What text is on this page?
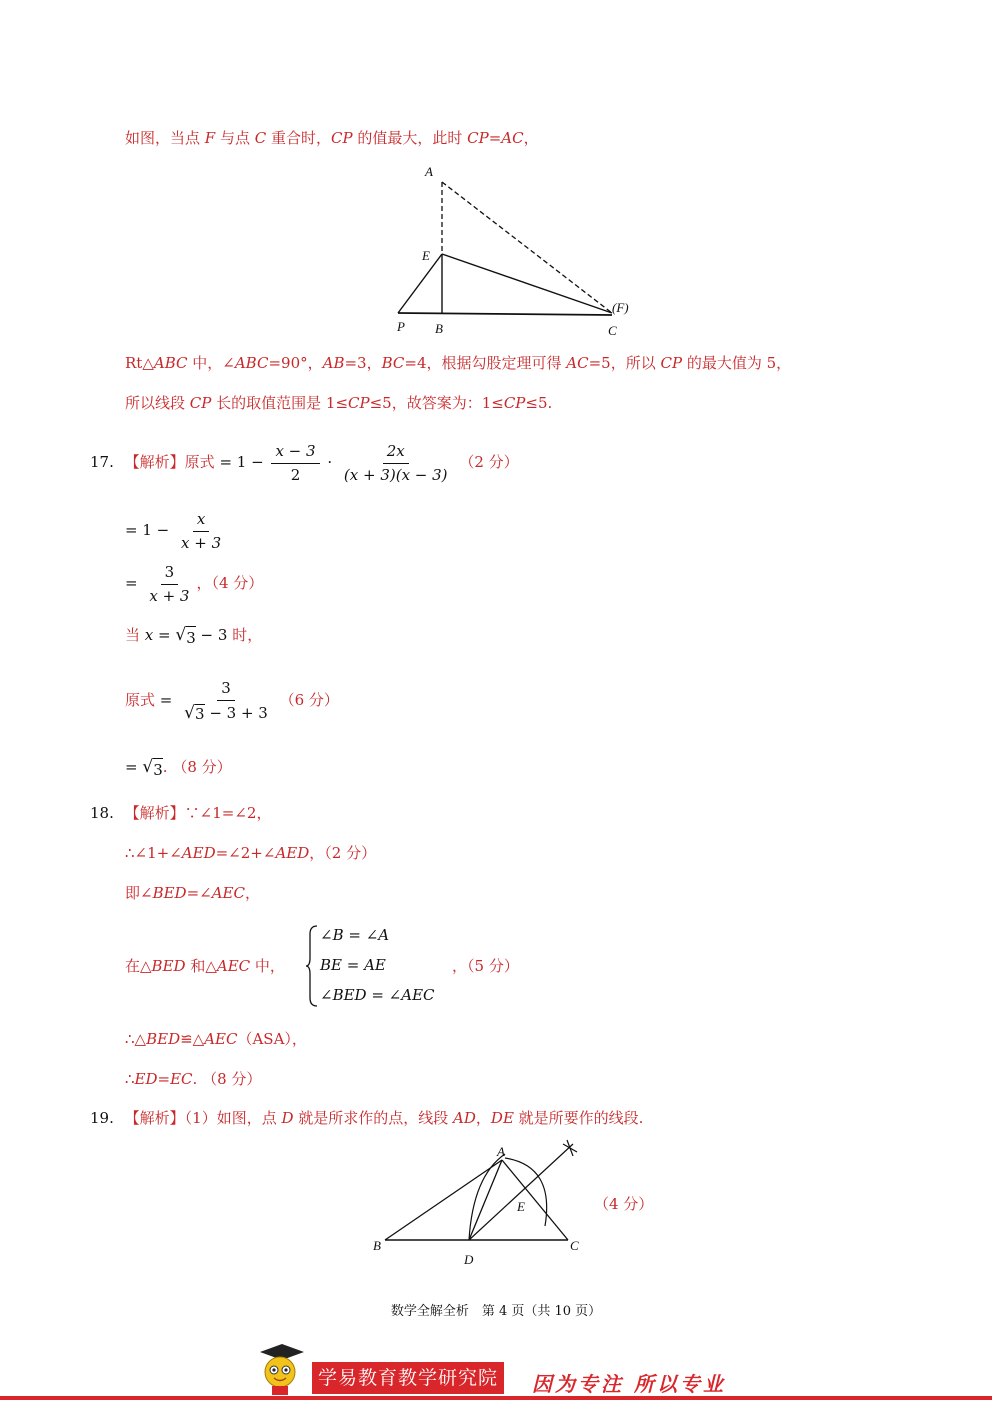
如图，当点 F 与点 C 重合时，CP 的值最大，此时 CP=AC，
A
E
P B	C
(F)
Rt△ABC 中，∠ABC=90°，AB=3，BC=4，根据勾股定理可得 AC=5，所以 CP 的最大值为 5，
所以线段 CP 长的取值范围是 1≤CP≤5，故答案为：1≤CP≤5.
17. 【解析】原式 = $1 - \frac{x - 3}{2} \cdot \frac{2x}{(x + 3)(x - 3)} (2$ 分）
= $1 - \frac{x}{x + 3}$
= $\frac{3}{x + 3}$ ，（4 分）
当 x = √ 3 − 3 时，
原式 = $\frac{3}{√ 3 - 3 + 3} (6$ 分）
= √ 3 . （8 分）
18. 【解析】∵∠1=∠2，
∴∠1+∠AED=∠2+∠AED，（2 分）
即∠BED=∠AEC，
在△BED 和△AEC 中，
∠B = ∠A
BE = AE
∠BED = ∠AEC
，（5 分）
∴△BED≌△AEC（ASA），
∴ED=EC. （8 分）
19. 【解析】（1）如图，点 D 就是所求作的点，线段 AD，DE 就是所要作的线段.
A
B	C
D
E	（4 分）
数学全解全析　第 4 页（共 10 页）
学易教育教学研究院	因为专注 所以专业
